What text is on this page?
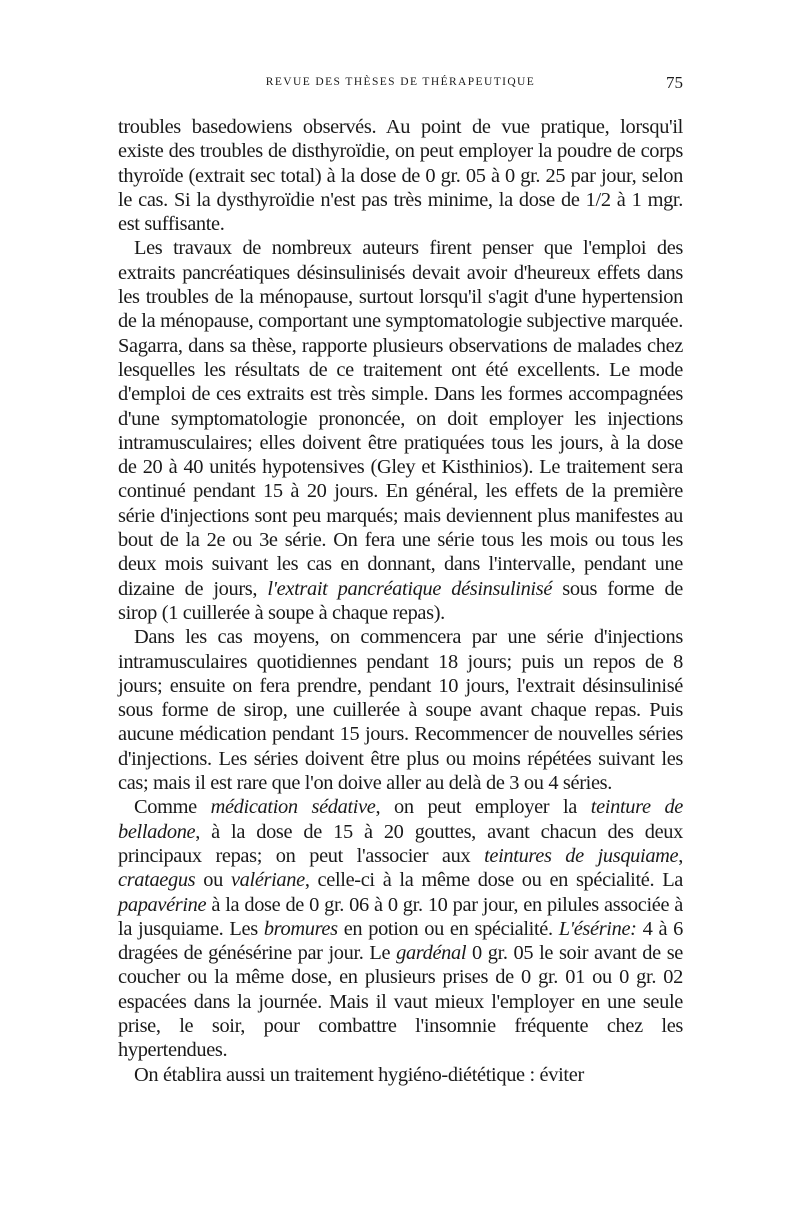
REVUE DES THÈSES DE THÉRAPEUTIQUE	75

troubles basedowiens observés. Au point de vue pratique, lorsqu'il existe des troubles de disthyroïdie, on peut employer la poudre de corps thyroïde (extrait sec total) à la dose de 0 gr. 05 à 0 gr. 25 par jour, selon le cas. Si la dysthyroïdie n'est pas très minime, la dose de 1/2 à 1 mgr. est suffisante.

Les travaux de nombreux auteurs firent penser que l'emploi des extraits pancréatiques désinsulinisés devait avoir d'heureux effets dans les troubles de la ménopause, surtout lorsqu'il s'agit d'une hypertension de la ménopause, comportant une symptomatologie subjective marquée. Sagarra, dans sa thèse, rapporte plusieurs observations de malades chez lesquelles les résultats de ce traitement ont été excellents. Le mode d'emploi de ces extraits est très simple. Dans les formes accompagnées d'une symptomatologie prononcée, on doit employer les injections intramusculaires; elles doivent être pratiquées tous les jours, à la dose de 20 à 40 unités hypotensives (Gley et Kisthinios). Le traitement sera continué pendant 15 à 20 jours. En général, les effets de la première série d'injections sont peu marqués; mais deviennent plus manifestes au bout de la 2e ou 3e série. On fera une série tous les mois ou tous les deux mois suivant les cas en donnant, dans l'intervalle, pendant une dizaine de jours, l'extrait pancréatique désinsulinisé sous forme de sirop (1 cuillerée à soupe à chaque repas).

Dans les cas moyens, on commencera par une série d'injections intramusculaires quotidiennes pendant 18 jours; puis un repos de 8 jours; ensuite on fera prendre, pendant 10 jours, l'extrait désinsulinisé sous forme de sirop, une cuillerée à soupe avant chaque repas. Puis aucune médication pendant 15 jours. Recommencer de nouvelles séries d'injections. Les séries doivent être plus ou moins répétées suivant les cas; mais il est rare que l'on doive aller au delà de 3 ou 4 séries.

Comme médication sédative, on peut employer la teinture de belladone, à la dose de 15 à 20 gouttes, avant chacun des deux principaux repas; on peut l'associer aux teintures de jusquiame, crataegus ou valériane, celle-ci à la même dose ou en spécialité. La papavérine à la dose de 0 gr. 06 à 0 gr. 10 par jour, en pilules associée à la jusquiame. Les bromures en potion ou en spécialité. L'ésérine: 4 à 6 dragées de génésérine par jour. Le gardénal 0 gr. 05 le soir avant de se coucher ou la même dose, en plusieurs prises de 0 gr. 01 ou 0 gr. 02 espacées dans la journée. Mais il vaut mieux l'employer en une seule prise, le soir, pour combattre l'insomnie fréquente chez les hypertendues.

On établira aussi un traitement hygiéno-diététique : éviter
